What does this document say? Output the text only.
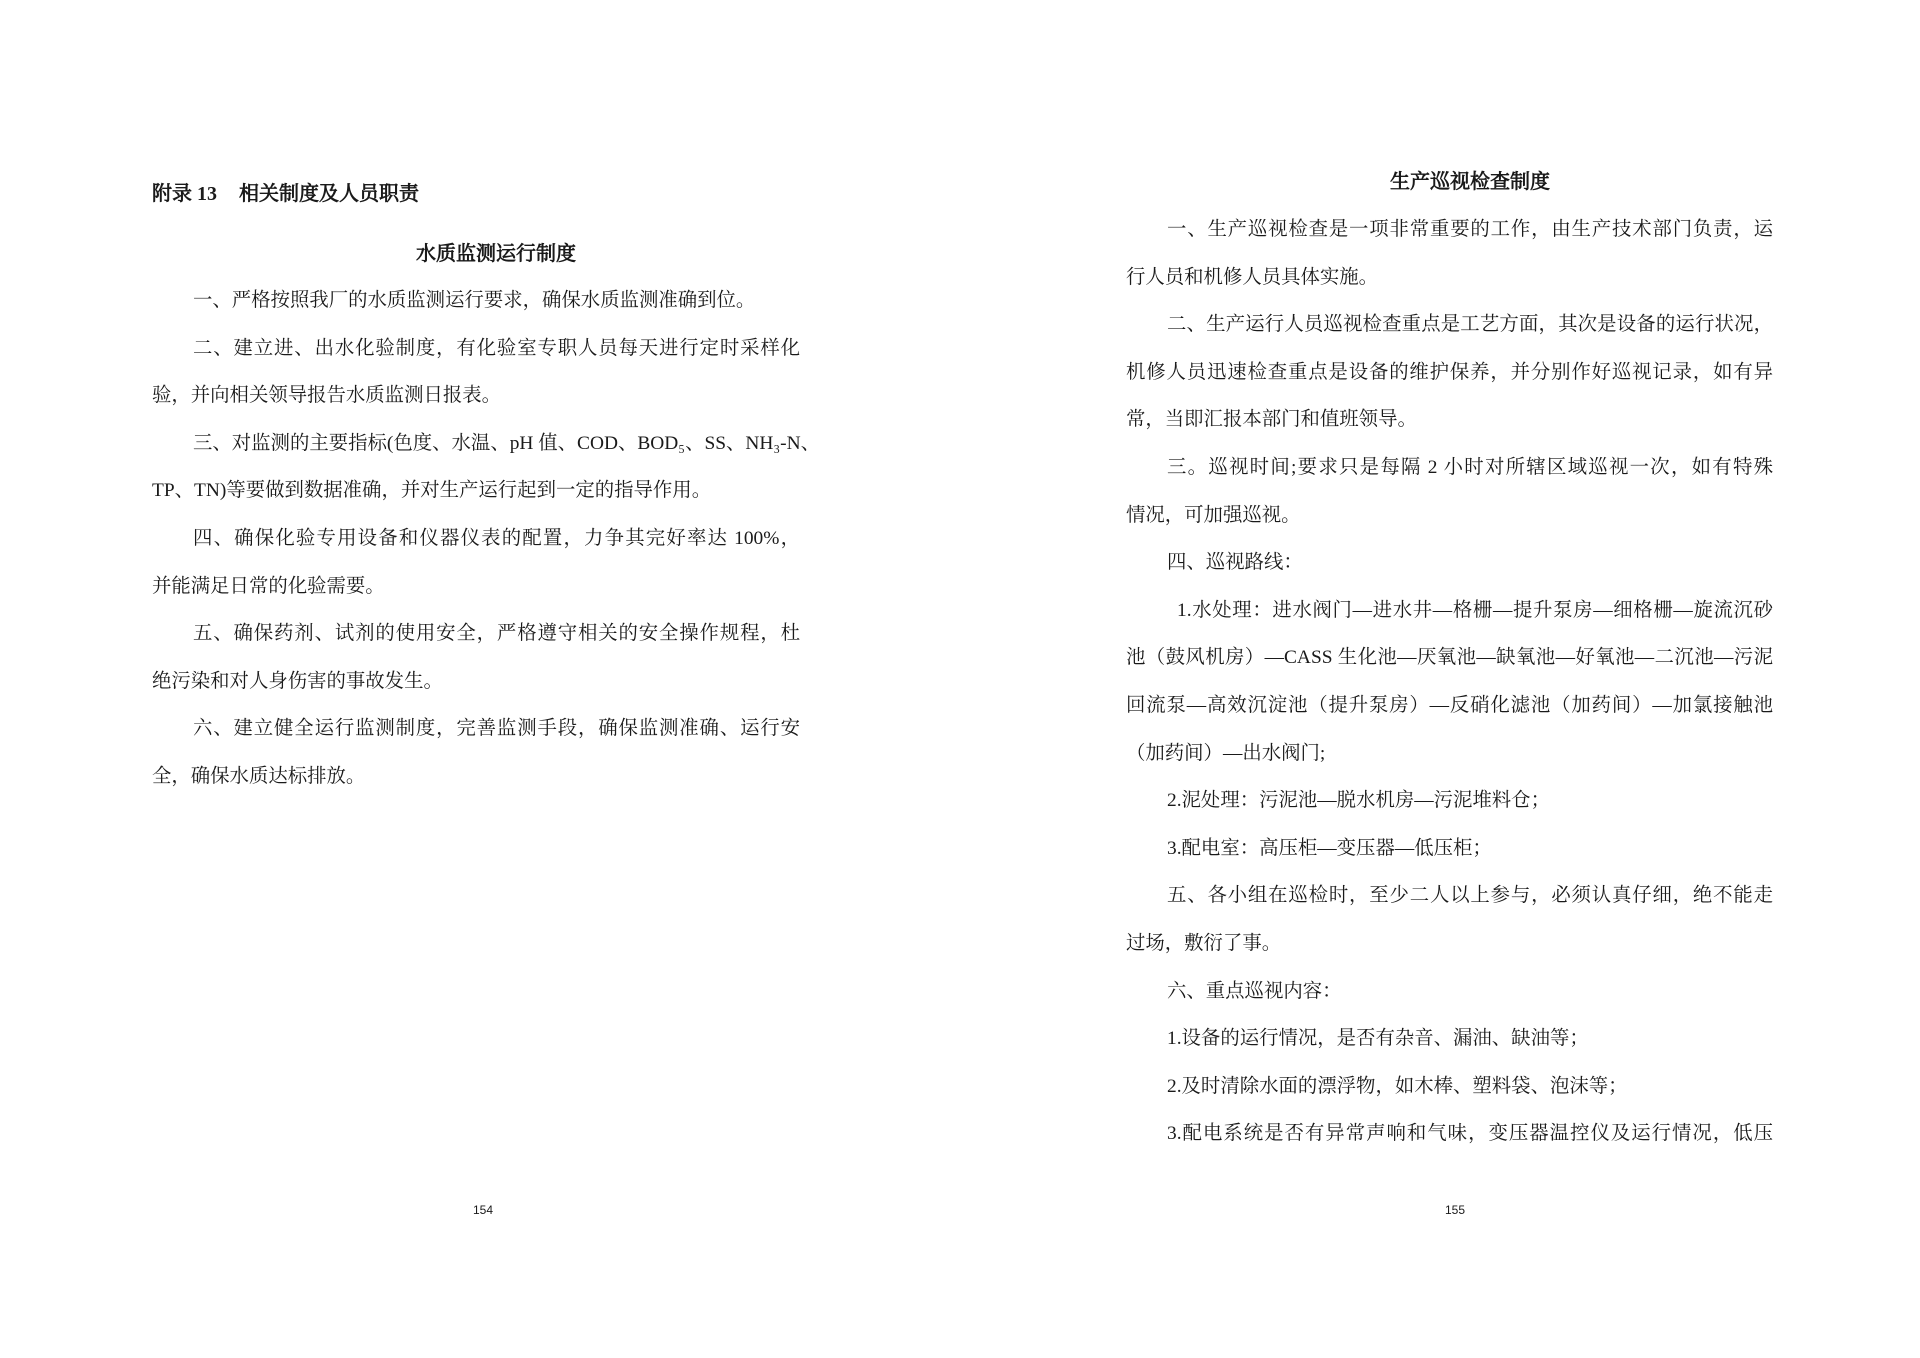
附录 13 相关制度及人员职责
水质监测运行制度
一、严格按照我厂的水质监测运行要求，确保水质监测准确到位。
二、建立进、出水化验制度，有化验室专职人员每天进行定时采样化
验，并向相关领导报告水质监测日报表。
三、对监测的主要指标(色度、水温、pH 值、COD、BOD₅、SS、NH₃-N、
TP、TN)等要做到数据准确，并对生产运行起到一定的指导作用。
四、确保化验专用设备和仪器仪表的配置，力争其完好率达 100%，
并能满足日常的化验需要。
五、确保药剂、试剂的使用安全，严格遵守相关的安全操作规程，杜
绝污染和对人身伤害的事故发生。
六、建立健全运行监测制度，完善监测手段，确保监测准确、运行安
全，确保水质达标排放。
154
生产巡视检查制度
一、生产巡视检查是一项非常重要的工作，由生产技术部门负责，运
行人员和机修人员具体实施。
二、生产运行人员巡视检查重点是工艺方面，其次是设备的运行状况，
机修人员迅速检查重点是设备的维护保养，并分别作好巡视记录，如有异
常，当即汇报本部门和值班领导。
三。巡视时间;要求只是每隔 2 小时对所辖区域巡视一次，如有特殊
情况，可加强巡视。
四、巡视路线：
1.水处理：进水阀门—进水井—格栅—提升泵房—细格栅—旋流沉砂
池（鼓风机房）—CASS 生化池—厌氧池—缺氧池—好氧池—二沉池—污泥
回流泵—高效沉淀池（提升泵房）—反硝化滤池（加药间）—加氯接触池
（加药间）—出水阀门;
2.泥处理：污泥池—脱水机房—污泥堆料仓；
3.配电室：高压柜—变压器—低压柜；
五、各小组在巡检时，至少二人以上参与，必须认真仔细，绝不能走
过场，敷衍了事。
六、重点巡视内容：
1.设备的运行情况，是否有杂音、漏油、缺油等；
2.及时清除水面的漂浮物，如木棒、塑料袋、泡沫等；
3.配电系统是否有异常声响和气味，变压器温控仪及运行情况，低压
155
